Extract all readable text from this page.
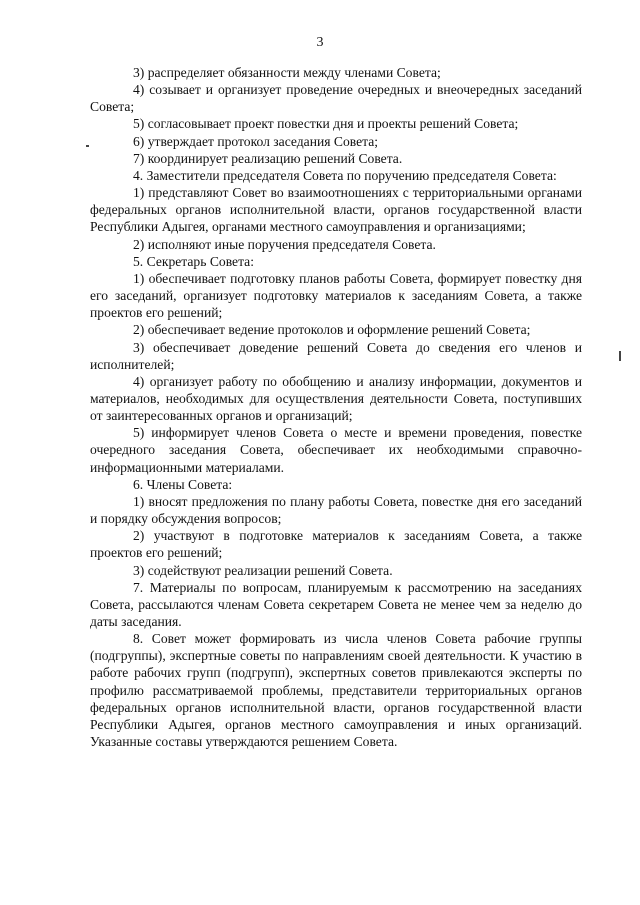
3

3) распределяет обязанности между членами Совета;

4) созывает и организует проведение очередных и внеочередных заседаний Совета;

5) согласовывает проект повестки дня и проекты решений Совета;

6) утверждает протокол заседания Совета;

7) координирует реализацию решений Совета.

4. Заместители председателя Совета по поручению председателя Совета:

1) представляют Совет во взаимоотношениях с территориальными органами федеральных органов исполнительной власти, органов государственной власти Республики Адыгея, органами местного самоуправления и организациями;

2) исполняют иные поручения председателя Совета.

5. Секретарь Совета:

1) обеспечивает подготовку планов работы Совета, формирует повестку дня его заседаний, организует подготовку материалов к заседаниям Совета, а также проектов его решений;

2) обеспечивает ведение протоколов и оформление решений Совета;

3) обеспечивает доведение решений Совета до сведения его членов и исполнителей;

4) организует работу по обобщению и анализу информации, документов и материалов, необходимых для осуществления деятельности Совета, поступивших от заинтересованных органов и организаций;

5) информирует членов Совета о месте и времени проведения, повестке очередного заседания Совета, обеспечивает их необходимыми справочно-информационными материалами.

6. Члены Совета:

1) вносят предложения по плану работы Совета, повестке дня его заседаний и порядку обсуждения вопросов;

2) участвуют в подготовке материалов к заседаниям Совета, а также проектов его решений;

3) содействуют реализации решений Совета.

7. Материалы по вопросам, планируемым к рассмотрению на заседаниях Совета, рассылаются членам Совета секретарем Совета не менее чем за неделю до даты заседания.

8. Совет может формировать из числа членов Совета рабочие группы (подгруппы), экспертные советы по направлениям своей деятельности. К участию в работе рабочих групп (подгрупп), экспертных советов привлекаются эксперты по профилю рассматриваемой проблемы, представители территориальных органов федеральных органов исполнительной власти, органов государственной власти Республики Адыгея, органов местного самоуправления и иных организаций. Указанные составы утверждаются решением Совета.
